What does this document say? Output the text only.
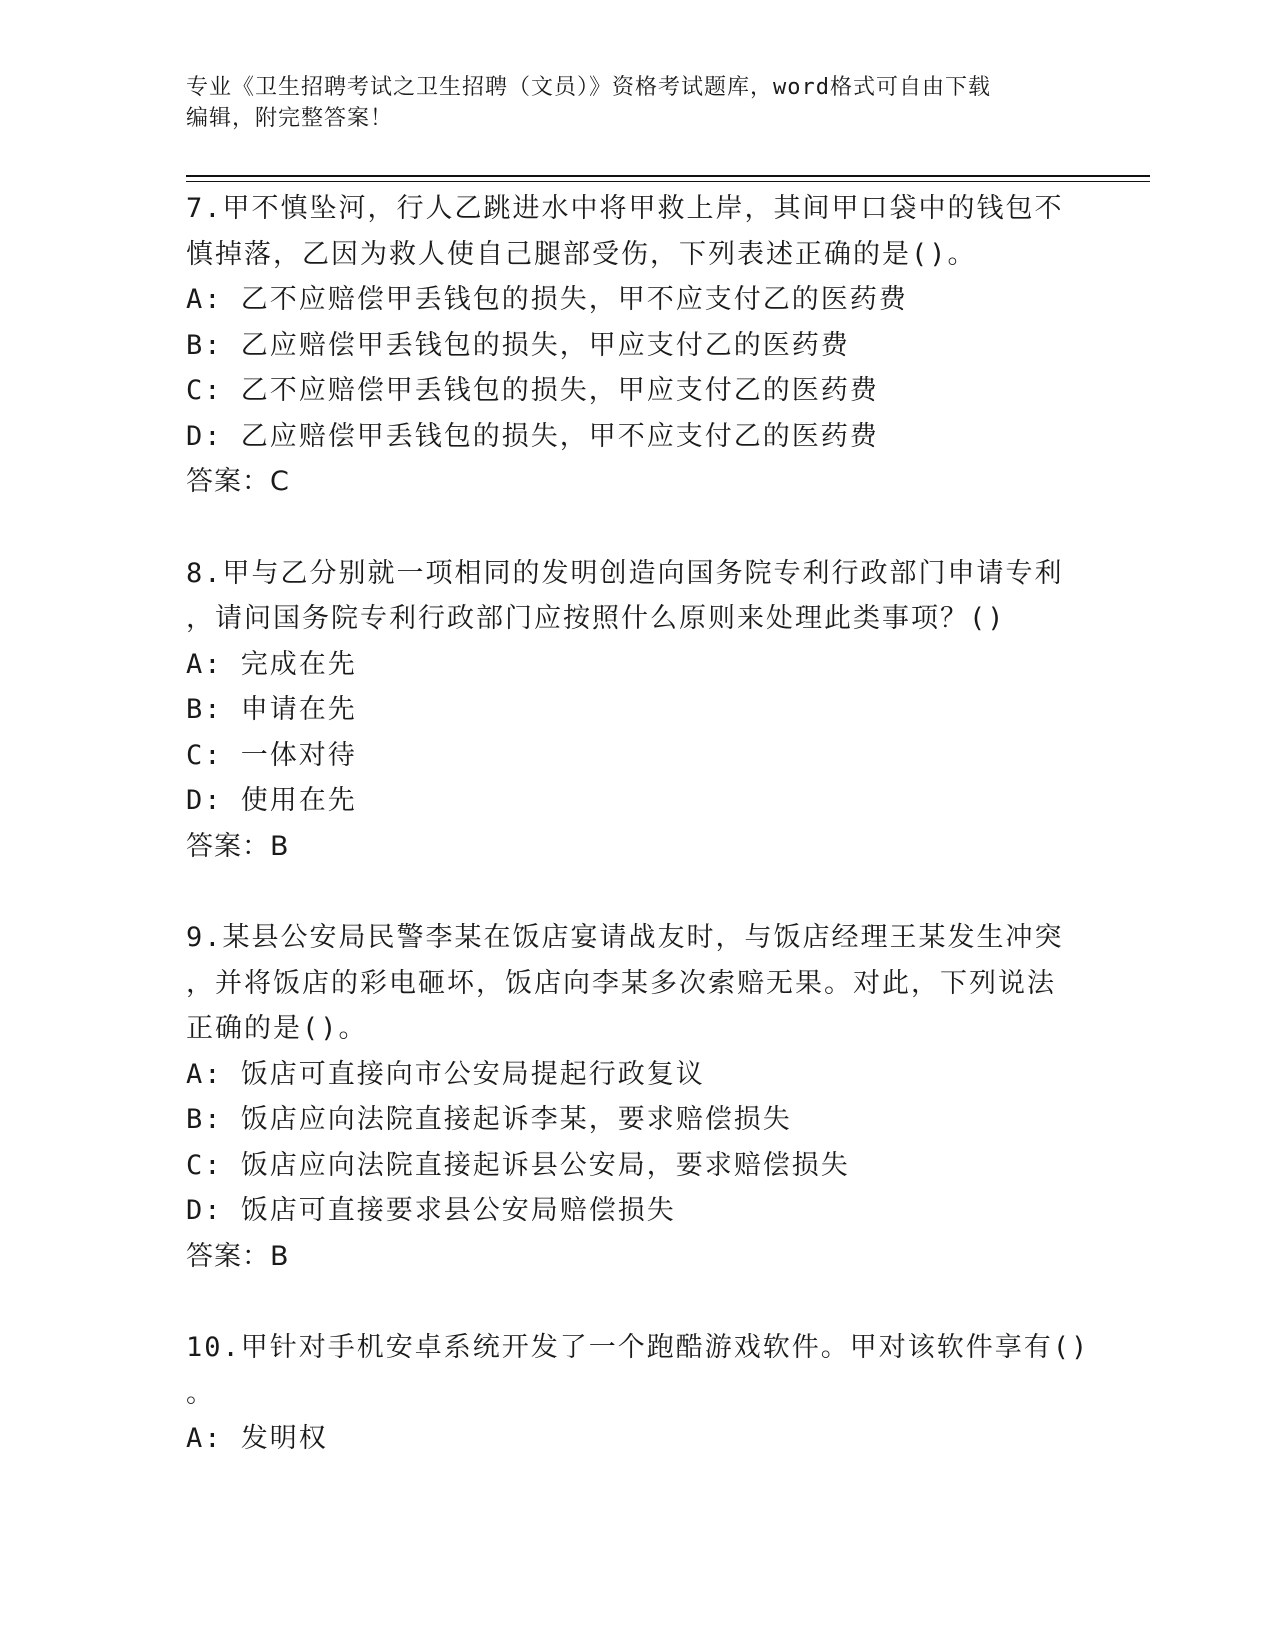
专业《卫生招聘考试之卫生招聘（文员）》资格考试题库，word格式可自由下载
编辑，附完整答案！
7.甲不慎坠河，行人乙跳进水中将甲救上岸，其间甲口袋中的钱包不
慎掉落，乙因为救人使自己腿部受伤，下列表述正确的是()。
A: 乙不应赔偿甲丢钱包的损失，甲不应支付乙的医药费
B: 乙应赔偿甲丢钱包的损失，甲应支付乙的医药费
C: 乙不应赔偿甲丢钱包的损失，甲应支付乙的医药费
D: 乙应赔偿甲丢钱包的损失，甲不应支付乙的医药费
答案：C
8.甲与乙分别就一项相同的发明创造向国务院专利行政部门申请专利
，请问国务院专利行政部门应按照什么原则来处理此类事项？()
A: 完成在先
B: 申请在先
C: 一体对待
D: 使用在先
答案：B
9.某县公安局民警李某在饭店宴请战友时，与饭店经理王某发生冲突
，并将饭店的彩电砸坏，饭店向李某多次索赔无果。对此，下列说法
正确的是()。
A: 饭店可直接向市公安局提起行政复议
B: 饭店应向法院直接起诉李某，要求赔偿损失
C: 饭店应向法院直接起诉县公安局，要求赔偿损失
D: 饭店可直接要求县公安局赔偿损失
答案：B
10.甲针对手机安卓系统开发了一个跑酷游戏软件。甲对该软件享有()
。
A: 发明权
